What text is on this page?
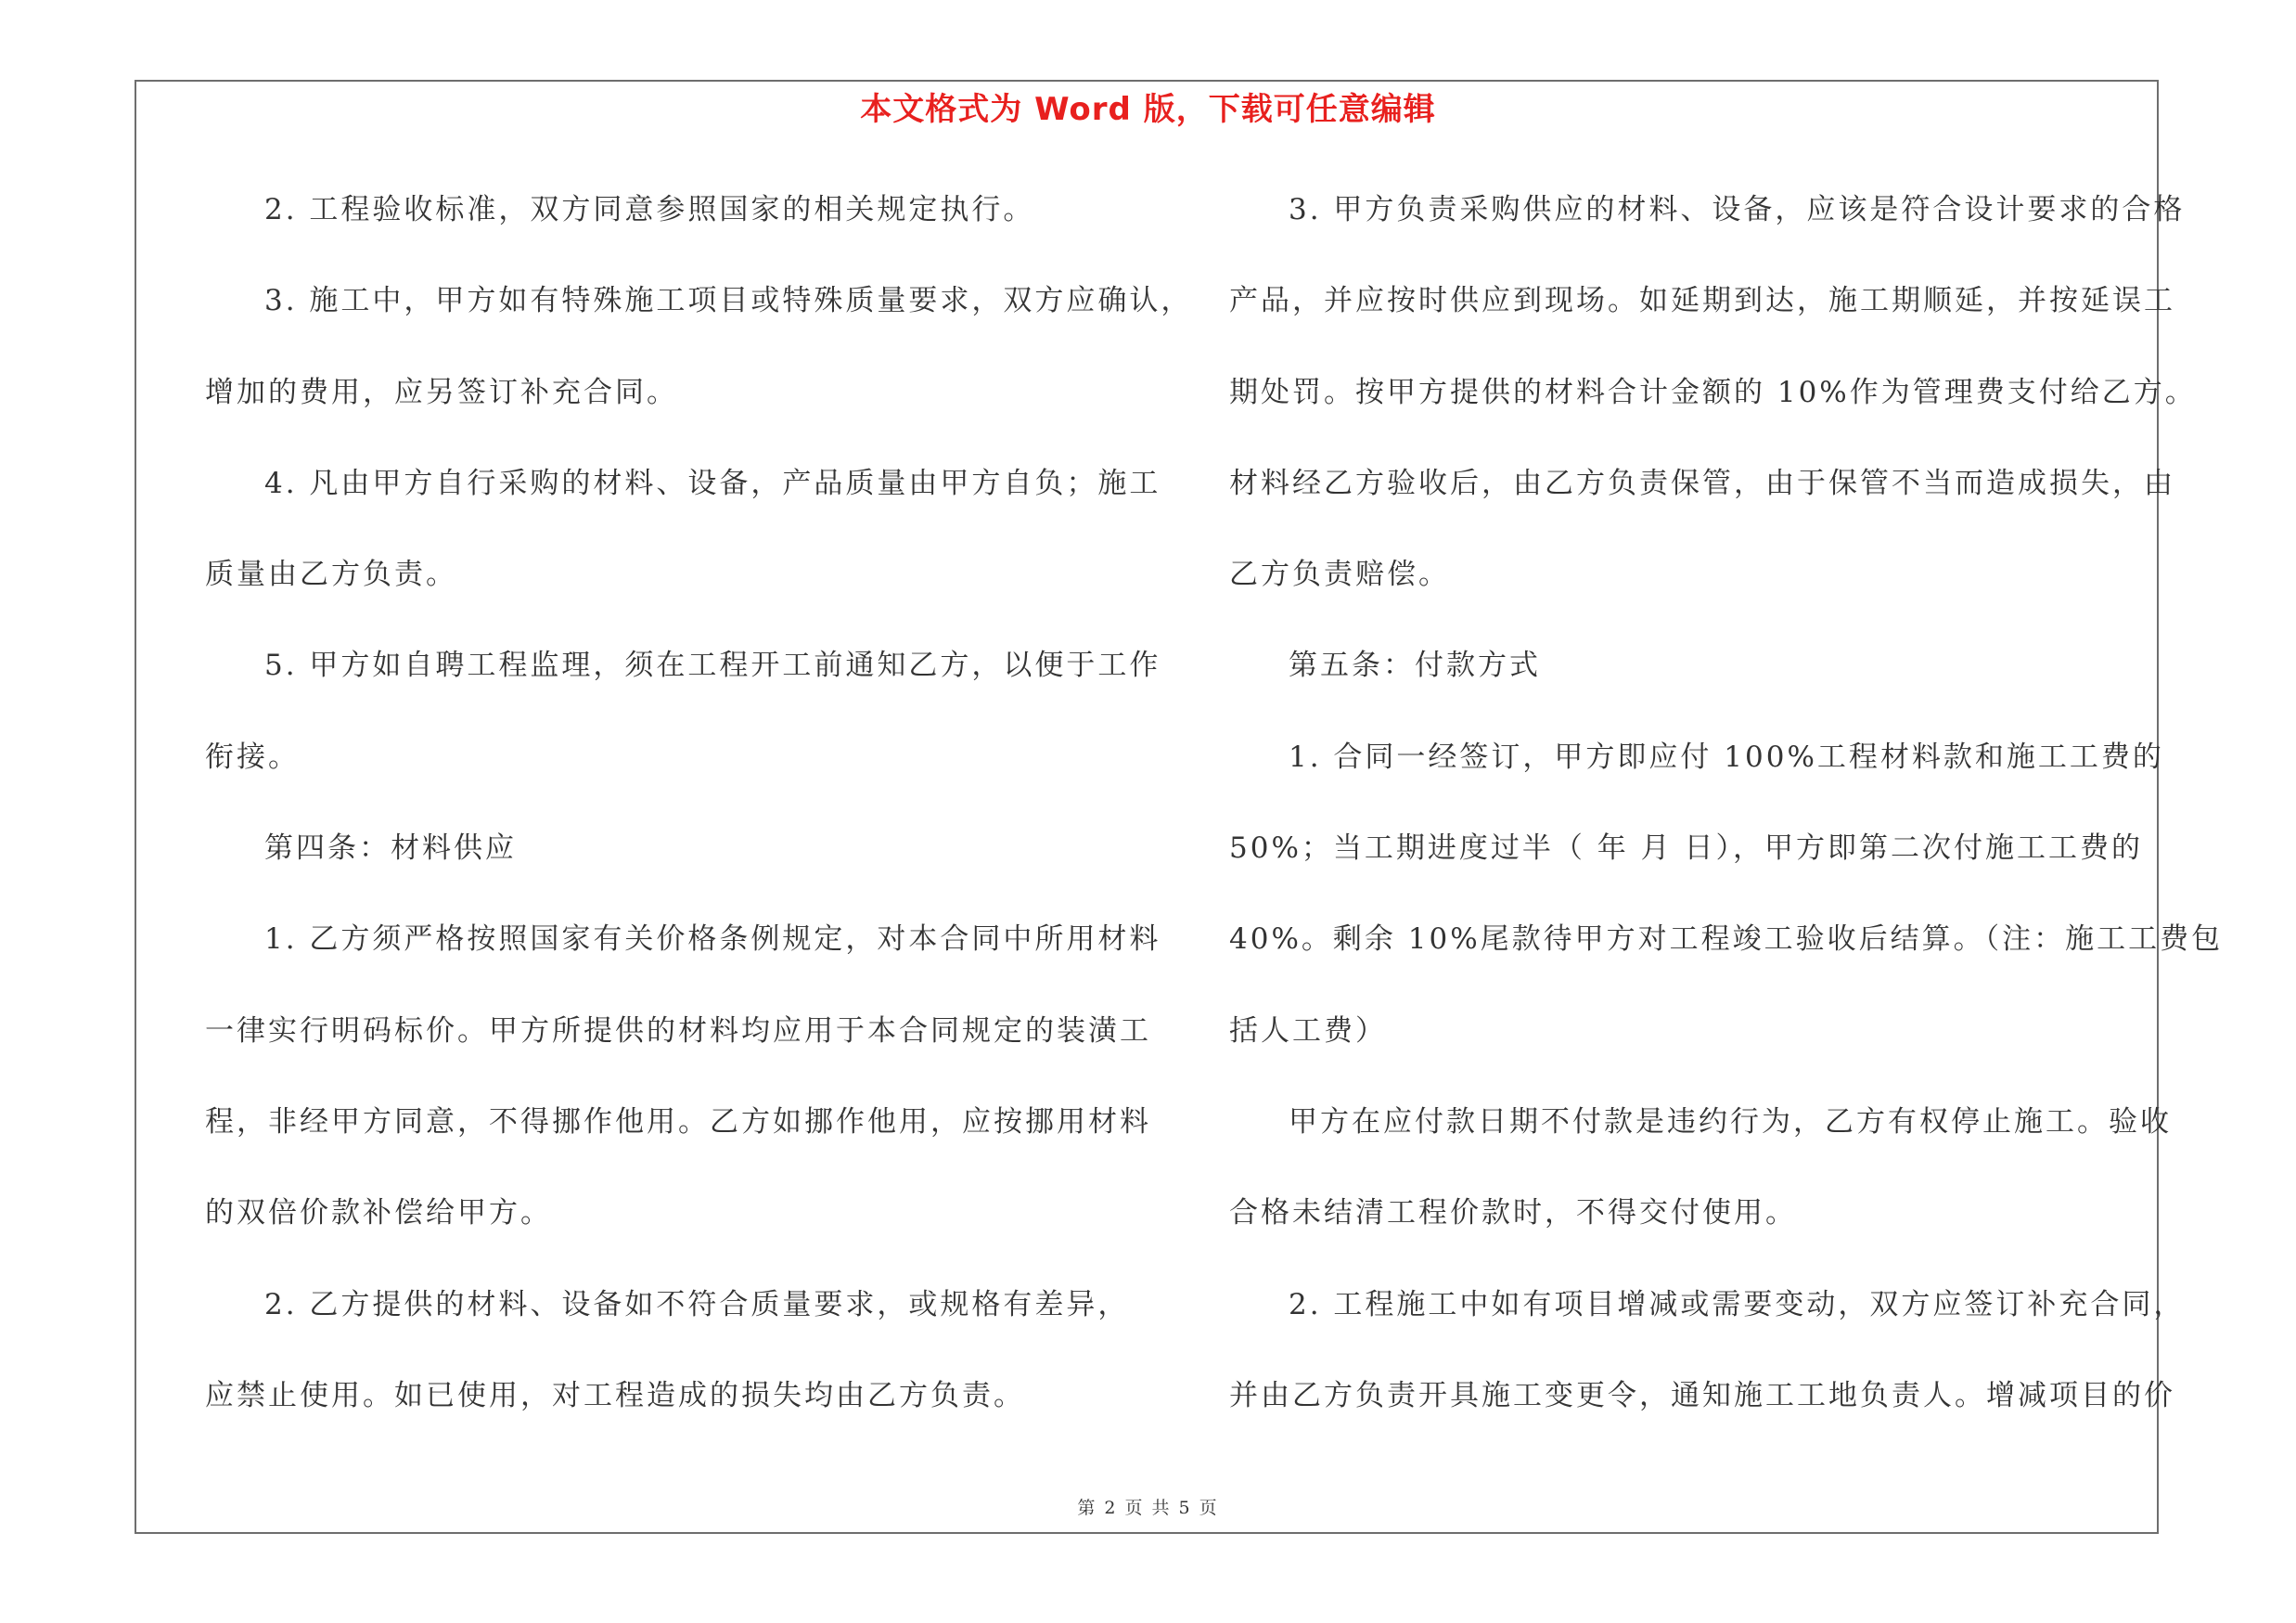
本文格式为 Word 版，下载可任意编辑
2. 工程验收标准，双方同意参照国家的相关规定执行。
3. 施工中，甲方如有特殊施工项目或特殊质量要求，双方应确认，
增加的费用，应另签订补充合同。
4. 凡由甲方自行采购的材料、设备，产品质量由甲方自负；施工
质量由乙方负责。
5. 甲方如自聘工程监理，须在工程开工前通知乙方，以便于工作
衔接。
第四条：材料供应
1. 乙方须严格按照国家有关价格条例规定，对本合同中所用材料
一律实行明码标价。甲方所提供的材料均应用于本合同规定的装潢工
程，非经甲方同意，不得挪作他用。乙方如挪作他用，应按挪用材料
的双倍价款补偿给甲方。
2. 乙方提供的材料、设备如不符合质量要求，或规格有差异，
应禁止使用。如已使用，对工程造成的损失均由乙方负责。
3. 甲方负责采购供应的材料、设备，应该是符合设计要求的合格
产品，并应按时供应到现场。如延期到达，施工期顺延，并按延误工
期处罚。按甲方提供的材料合计金额的 10%作为管理费支付给乙方。
材料经乙方验收后，由乙方负责保管，由于保管不当而造成损失，由
乙方负责赔偿。
第五条：付款方式
1. 合同一经签订，甲方即应付 100%工程材料款和施工工费的
50%；当工期进度过半（ 年 月 日），甲方即第二次付施工工费的
40%。剩余 10%尾款待甲方对工程竣工验收后结算。（注：施工工费包
括人工费）
甲方在应付款日期不付款是违约行为，乙方有权停止施工。验收
合格未结清工程价款时，不得交付使用。
2. 工程施工中如有项目增减或需要变动，双方应签订补充合同，
并由乙方负责开具施工变更令，通知施工工地负责人。增减项目的价
第 2 页 共 5 页
